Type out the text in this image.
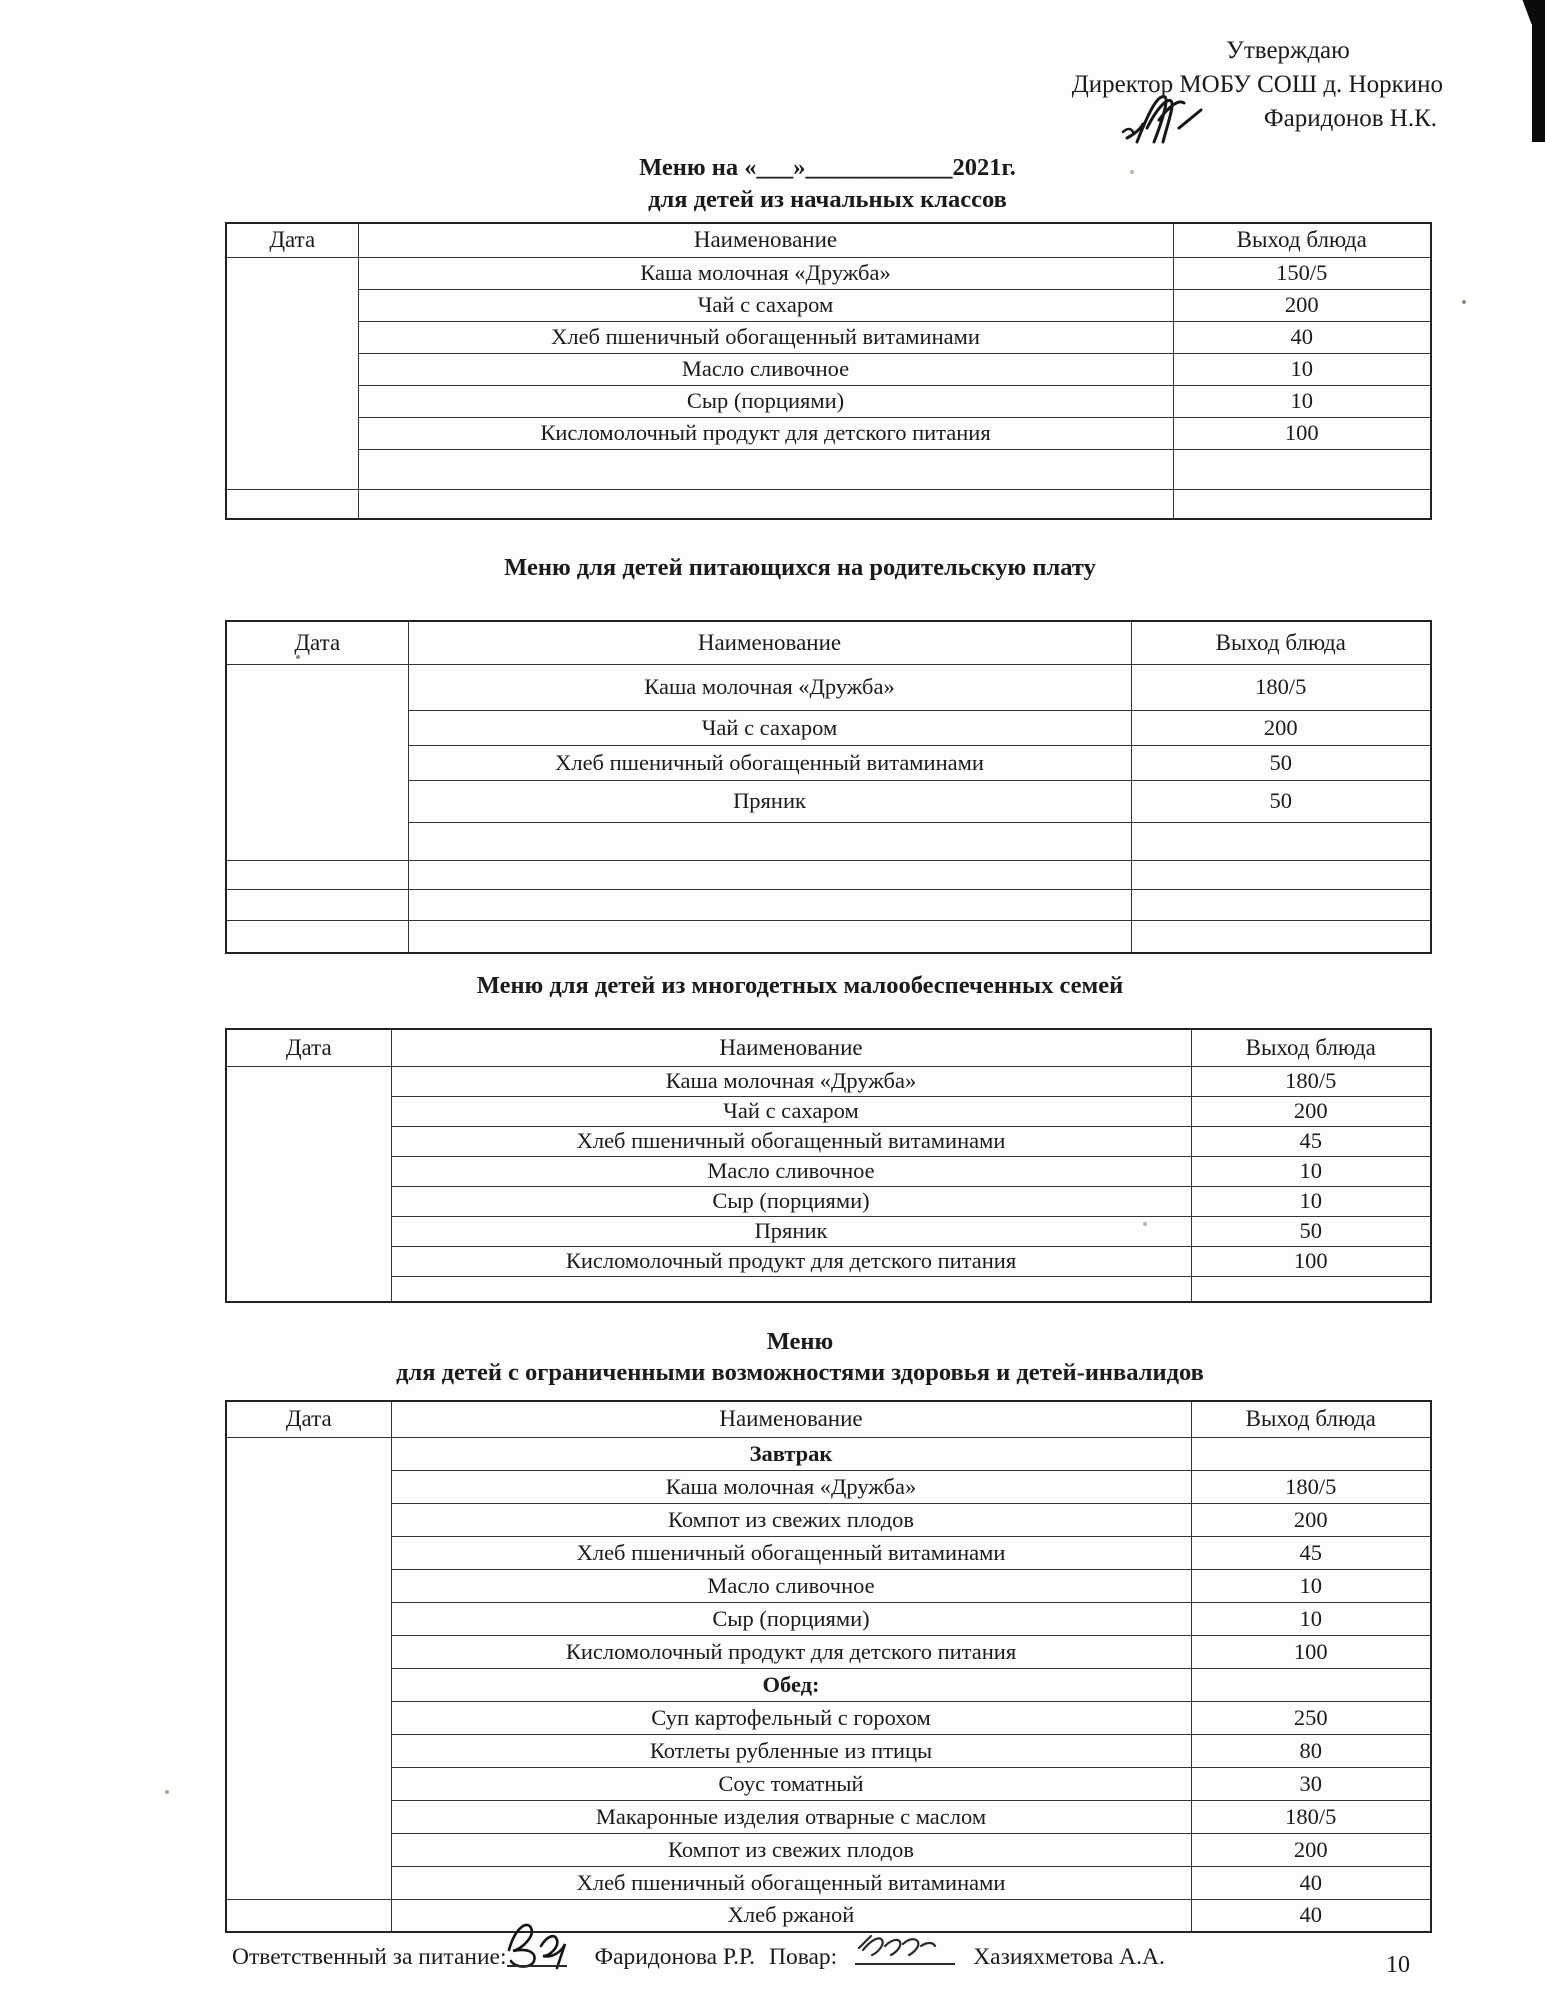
Утверждаю
Директор МОБУ СОШ д. Норкино
Фаридонов Н.К.
Меню на «___»____________2021г.
для детей из начальных классов
Дата	Наименование	Выход блюда
	Каша молочная «Дружба»	150/5
	Чай с сахаром	200
	Хлеб пшеничный обогащенный витаминами	40
	Масло сливочное	10
	Сыр (порциями)	10
	Кисломолочный продукт для детского питания	100

Меню для детей питающихся на родительскую плату
Дата	Наименование	Выход блюда
	Каша молочная «Дружба»	180/5
	Чай с сахаром	200
	Хлеб пшеничный обогащенный витаминами	50
	Пряник	50

Меню для детей из многодетных малообеспеченных семей
Дата	Наименование	Выход блюда
	Каша молочная «Дружба»	180/5
	Чай с сахаром	200
	Хлеб пшеничный обогащенный витаминами	45
	Масло сливочное	10
	Сыр (порциями)	10
	Пряник	50
	Кисломолочный продукт для детского питания	100

Меню
для детей с ограниченными возможностями здоровья и детей-инвалидов
Дата	Наименование	Выход блюда
	Завтрак	
	Каша молочная «Дружба»	180/5
	Компот из свежих плодов	200
	Хлеб пшеничный обогащенный витаминами	45
	Масло сливочное	10
	Сыр (порциями)	10
	Кисломолочный продукт для детского питания	100
	Обед:	
	Суп картофельный с горохом	250
	Котлеты рубленные из птицы	80
	Соус томатный	30
	Макаронные изделия отварные с маслом	180/5
	Компот из свежих плодов	200
	Хлеб пшеничный обогащенный витаминами	40
	Хлеб ржаной	40
Ответственный за питание:	Фаридонова Р.Р. Повар:	Хазияхметова А.А.	10
